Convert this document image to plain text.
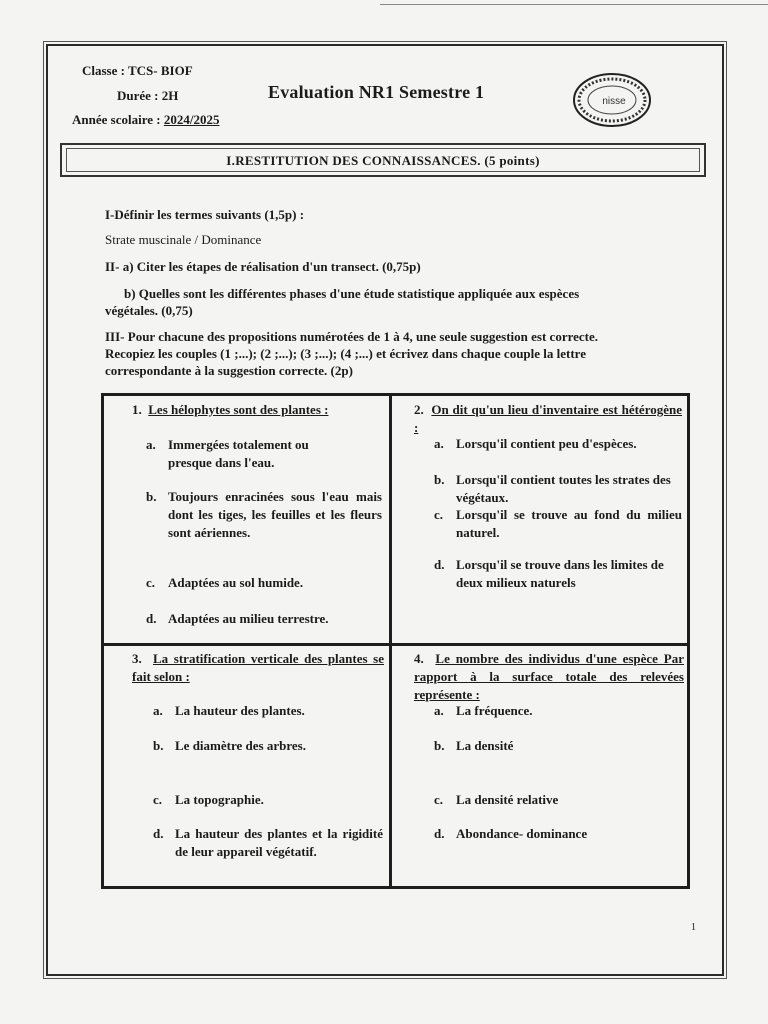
Classe : TCS- BIOF
Durée : 2H
Année scolaire : 2024/2025
Evaluation NR1 Semestre 1	nisse
I.RESTITUTION DES CONNAISSANCES. (5 points)
I-Définir les termes suivants (1,5p) :
Strate muscinale / Dominance
II- a) Citer les étapes de réalisation d'un transect. (0,75p)
b) Quelles sont les différentes phases d'une étude statistique appliquée aux espèces
végétales. (0,75)
III- Pour chacune des propositions numérotées de 1 à 4, une seule suggestion est correcte.
Recopiez les couples (1 ;...); (2 ;...); (3 ;...); (4 ;...) et écrivez dans chaque couple la lettre
correspondante à la suggestion correcte. (2p)
1. Les hélophytes sont des plantes :
a. Immergées totalement ou presque dans l'eau.
b. Toujours enracinées sous l'eau mais dont les tiges, les feuilles et les fleurs sont aériennes.
c. Adaptées au sol humide.
d. Adaptées au milieu terrestre.
2. On dit qu'un lieu d'inventaire est hétérogène :
a. Lorsqu'il contient peu d'espèces.
b. Lorsqu'il contient toutes les strates des végétaux.
c. Lorsqu'il se trouve au fond du milieu naturel.
d. Lorsqu'il se trouve dans les limites de deux milieux naturels
3. La stratification verticale des plantes se fait selon :
a. La hauteur des plantes.
b. Le diamètre des arbres.
c. La topographie.
d. La hauteur des plantes et la rigidité de leur appareil végétatif.
4. Le nombre des individus d'une espèce Par rapport à la surface totale des relevées représente :
a. La fréquence.
b. La densité
c. La densité relative
d. Abondance- dominance
1
